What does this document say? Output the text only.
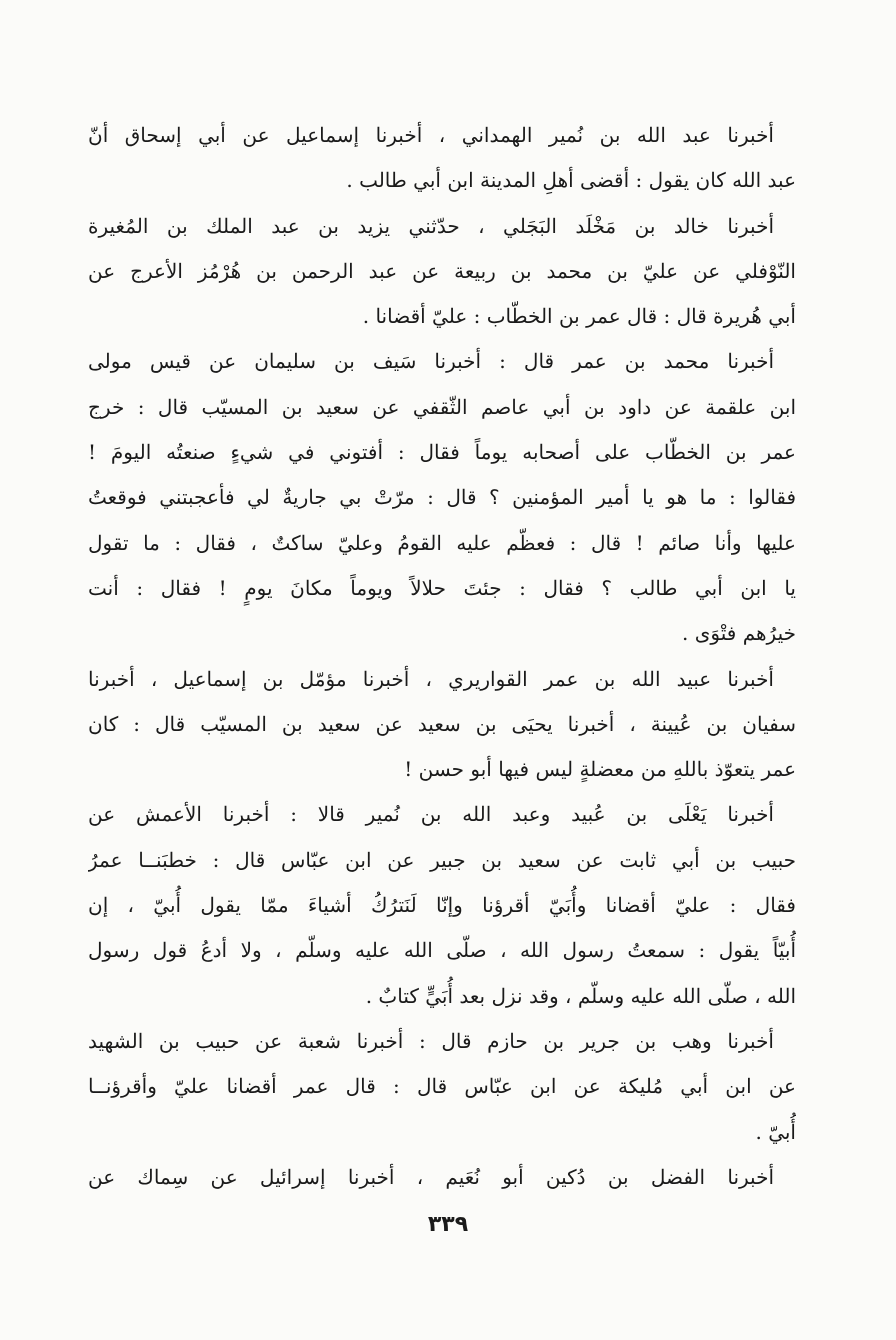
أخبرنا عبد الله بن نُمير الهمداني ، أخبرنا إسماعيل عن أبي إسحاق أنّ
عبد الله كان يقول : أقضى أهلِ المدينة ابن أبي طالب .
أخبرنا خالد بن مَخْلَد البَجَلي ، حدّثني يزيد بن عبد الملك بن المُغيرة
النّوْفلي عن عليّ بن محمد بن ربيعة عن عبد الرحمن بن هُرْمُز الأعرج عن
أبي هُريرة قال : قال عمر بن الخطّاب : عليّ أقضانا .
أخبرنا محمد بن عمر قال : أخبرنا سَيف بن سليمان عن قيس مولى
ابن علقمة عن داود بن أبي عاصم الثّقفي عن سعيد بن المسيّب قال : خرج
عمر بن الخطّاب على أصحابه يوماً فقال : أفتوني في شيءٍ صنعتُه اليومَ !
فقالوا : ما هو يا أمير المؤمنين ؟ قال : مرّتْ بي جاريةٌ لي فأعجبتني فوقعتُ
عليها وأنا صائم ! قال : فعظّم عليه القومُ وعليّ ساكتٌ ، فقال : ما تقول
يا ابن أبي طالب ؟ فقال : جئتَ حلالاً ويوماً مكانَ يومٍ ! فقال : أنت
خيرُهم فتْوَى .
أخبرنا عبيد الله بن عمر القواريري ، أخبرنا مؤمّل بن إسماعيل ، أخبرنا
سفيان بن عُيينة ، أخبرنا يحيَى بن سعيد عن سعيد بن المسيّب قال : كان
عمر يتعوّذ باللهِ من معضلةٍ ليس فيها أبو حسن !
أخبرنا يَعْلَى بن عُبيد وعبد الله بن نُمير قالا : أخبرنا الأعمش عن
حبيب بن أبي ثابت عن سعيد بن جبير عن ابن عبّاس قال : خطبَنــا عمرُ
فقال : عليّ أقضانا وأُبَيّ أقرؤنا وإنّا لَنَترُكُ أشياءَ ممّا يقول أُبيّ ، إن
أُبيّاً يقول : سمعتُ رسول الله ، صلّى الله عليه وسلّم ، ولا أدعُ قول رسول
الله ، صلّى الله عليه وسلّم ، وقد نزل بعد أُبَيٍّ كتابٌ .
أخبرنا وهب بن جرير بن حازم قال : أخبرنا شعبة عن حبيب بن الشهيد
عن ابن أبي مُليكة عن ابن عبّاس قال : قال عمر أقضانا عليّ وأقرؤنــا
أُبيّ .
أخبرنا الفضل بن دُكين أبو نُعَيم ، أخبرنا إسرائيل عن سِماك عن
٣٣٩
